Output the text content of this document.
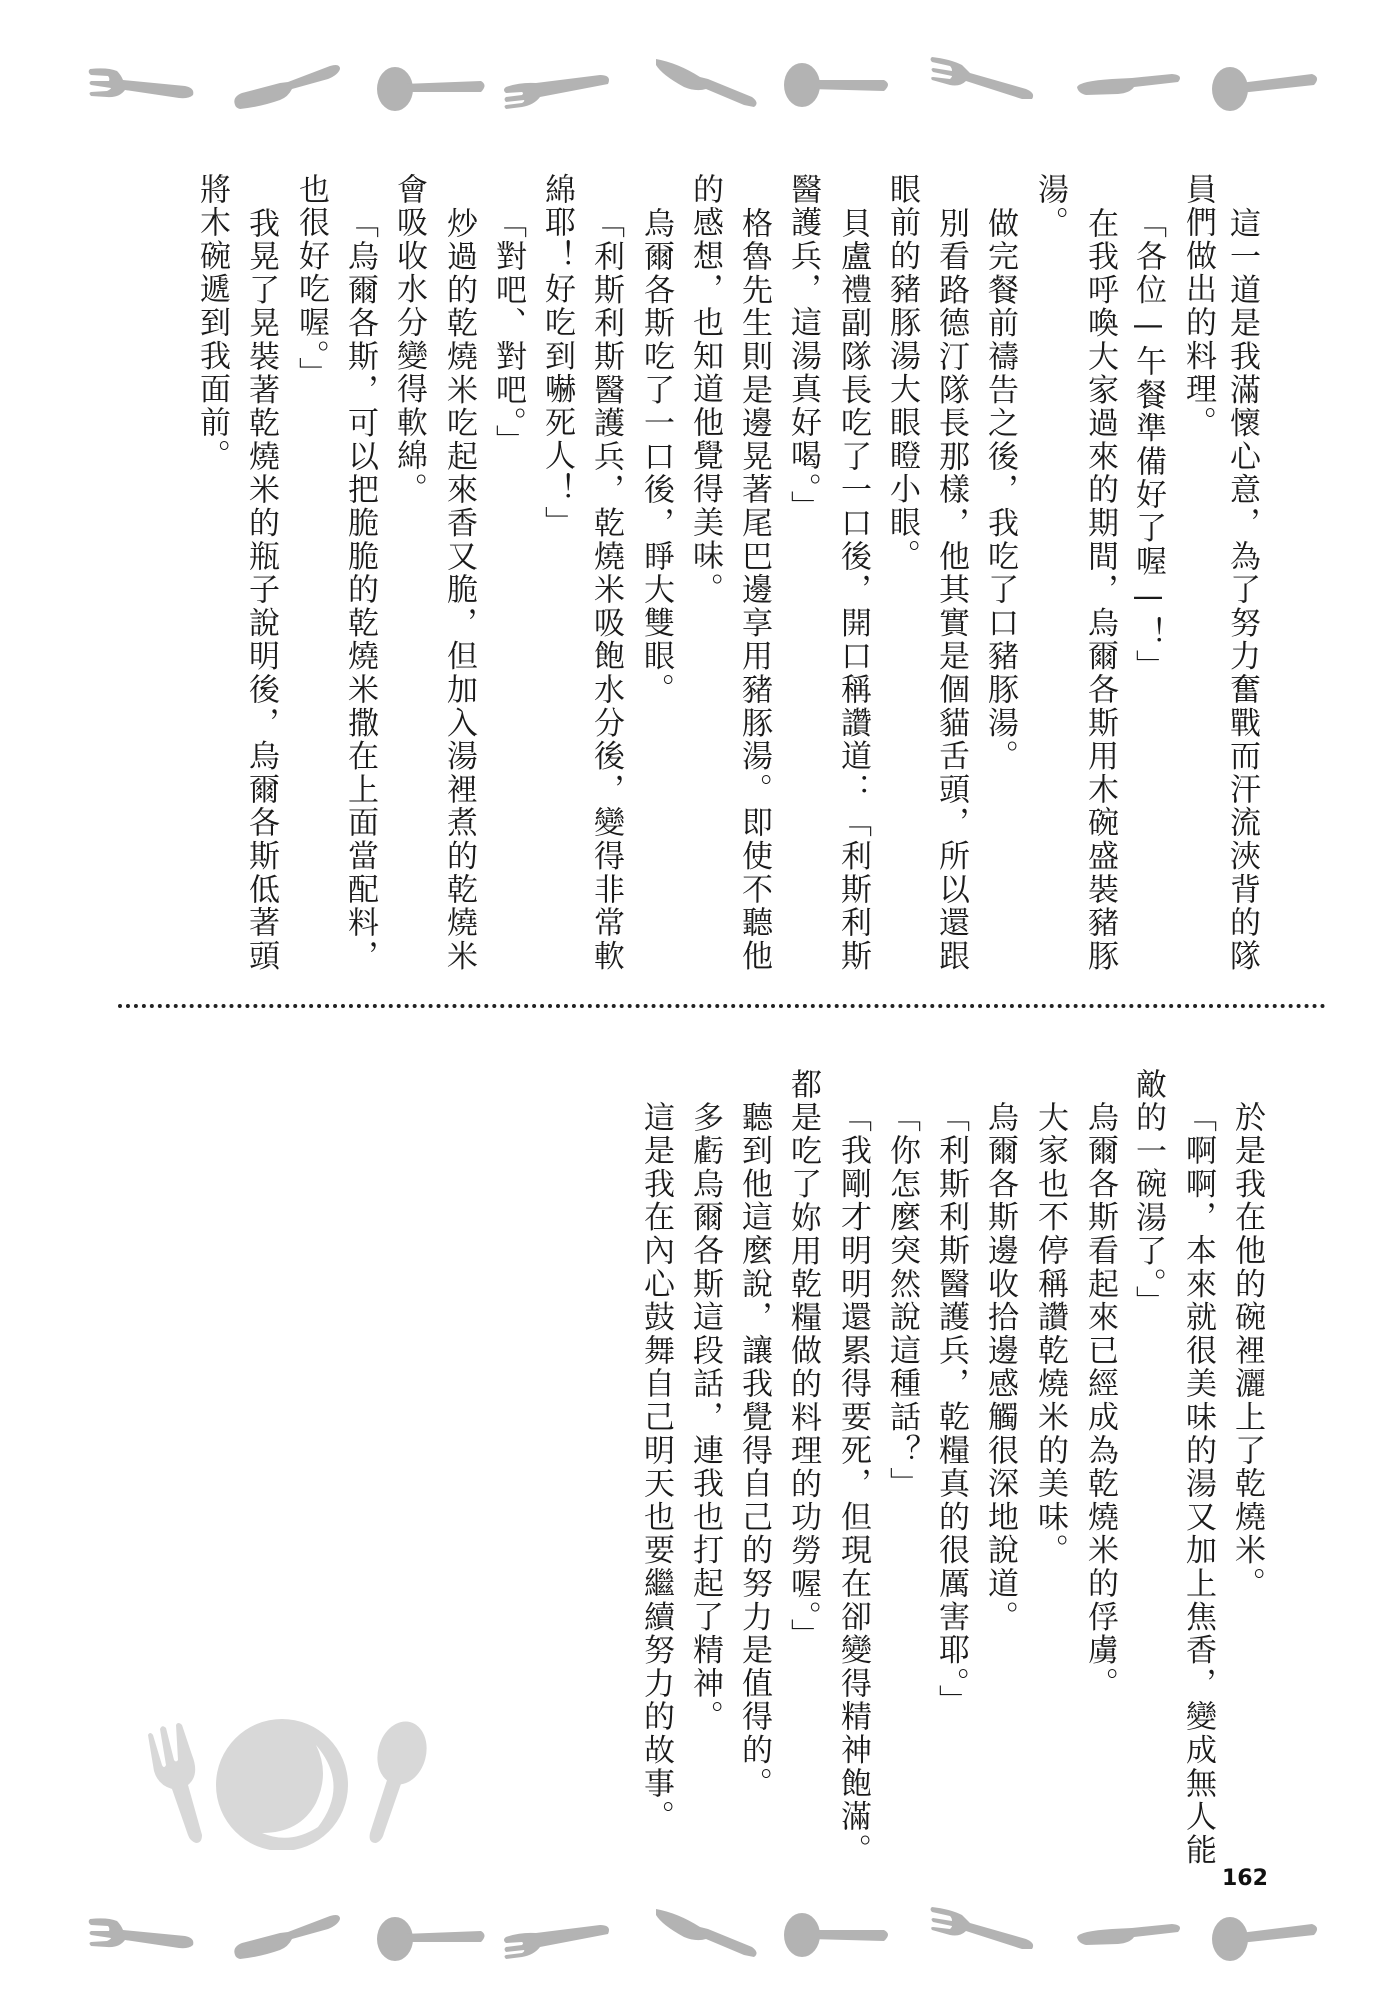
這一道是我滿懷心意，為了努力奮戰而汗流浹背的隊
員們做出的料理。
「各位—午餐準備好了喔—！」
在我呼喚大家過來的期間，烏爾各斯用木碗盛裝豬豚
湯。
做完餐前禱告之後，我吃了口豬豚湯。
別看路德汀隊長那樣，他其實是個貓舌頭，所以還跟
眼前的豬豚湯大眼瞪小眼。
貝盧禮副隊長吃了一口後，開口稱讚道：「利斯利斯
醫護兵，這湯真好喝。」
格魯先生則是邊晃著尾巴邊享用豬豚湯。即使不聽他
的感想，也知道他覺得美味。
烏爾各斯吃了一口後，睜大雙眼。
「利斯利斯醫護兵，乾燒米吸飽水分後，變得非常軟
綿耶！好吃到嚇死人！」
「對吧、對吧。」
炒過的乾燒米吃起來香又脆，但加入湯裡煮的乾燒米
會吸收水分變得軟綿。
「烏爾各斯，可以把脆脆的乾燒米撒在上面當配料，
也很好吃喔。」
我晃了晃裝著乾燒米的瓶子說明後，烏爾各斯低著頭
將木碗遞到我面前。
於是我在他的碗裡灑上了乾燒米。
「啊啊，本來就很美味的湯又加上焦香，變成無人能
敵的一碗湯了。」
烏爾各斯看起來已經成為乾燒米的俘虜。
大家也不停稱讚乾燒米的美味。
烏爾各斯邊收拾邊感觸很深地說道。
「利斯利斯醫護兵，乾糧真的很厲害耶。」
「你怎麼突然說這種話？」
「我剛才明明還累得要死，但現在卻變得精神飽滿。
都是吃了妳用乾糧做的料理的功勞喔。」
聽到他這麼說，讓我覺得自己的努力是值得的。
多虧烏爾各斯這段話，連我也打起了精神。
這是我在內心鼓舞自己明天也要繼續努力的故事。
162
